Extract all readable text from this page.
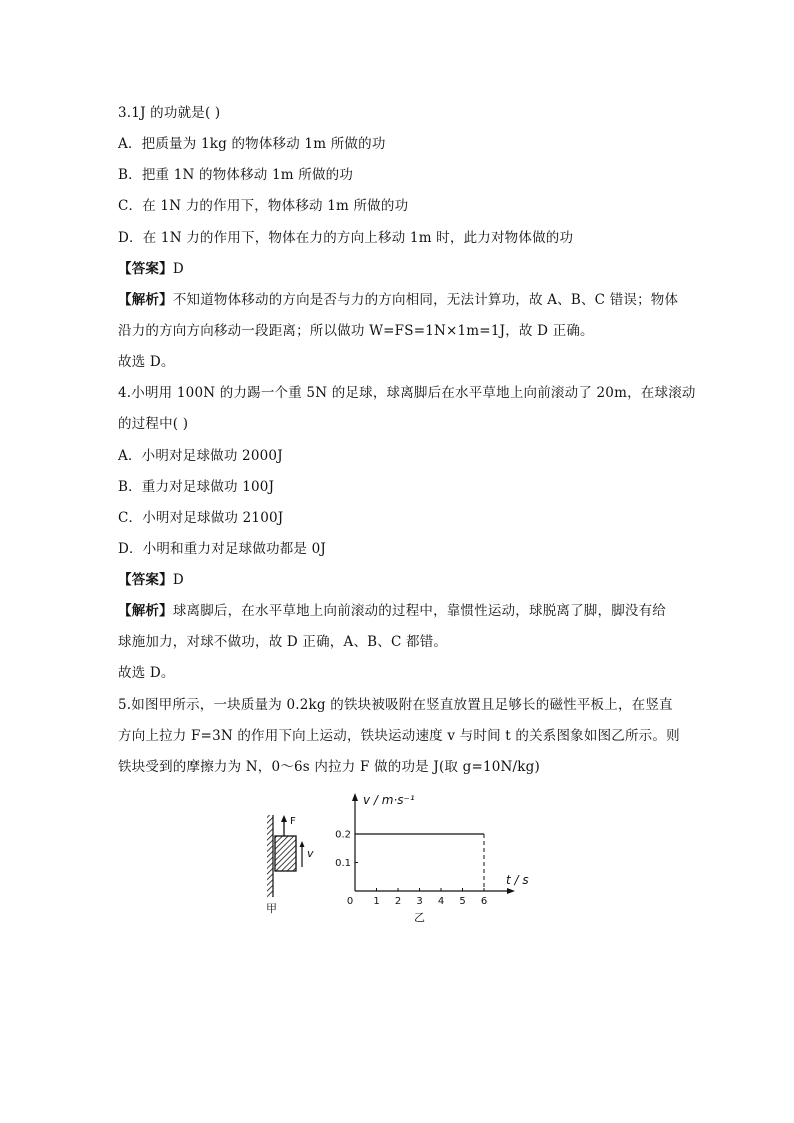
3.1J 的功就是( )
A．把质量为 1kg 的物体移动 1m 所做的功
B．把重 1N 的物体移动 1m 所做的功
C．在 1N 力的作用下，物体移动 1m 所做的功
D．在 1N 力的作用下，物体在力的方向上移动 1m 时，此力对物体做的功
【答案】D
【解析】不知道物体移动的方向是否与力的方向相同，无法计算功，故 A、B、C 错误；物体
沿力的方向方向移动一段距离；所以做功 W=FS=1N×1m=1J，故 D 正确。
故选 D。
4.小明用 100N 的力踢一个重 5N 的足球，球离脚后在水平草地上向前滚动了 20m，在球滚动
的过程中( )
A．小明对足球做功 2000J
B．重力对足球做功 100J
C．小明对足球做功 2100J
D．小明和重力对足球做功都是 0J
【答案】D
【解析】球离脚后，在水平草地上向前滚动的过程中，靠惯性运动，球脱离了脚，脚没有给
球施加力，对球不做功，故 D 正确，A、B、C 都错。
故选 D。
5.如图甲所示，一块质量为 0.2kg 的铁块被吸附在竖直放置且足够长的磁性平板上，在竖直
方向上拉力 F=3N 的作用下向上运动，铁块运动速度 v 与时间 t 的关系图象如图乙所示。则
铁块受到的摩擦力为 N，0～6s 内拉力 F 做的功是 J(取 g=10N/kg)
F
v
甲
v / m·s⁻¹
t / s
乙
0 1 2 3 4 5 6
0.1
0.2
